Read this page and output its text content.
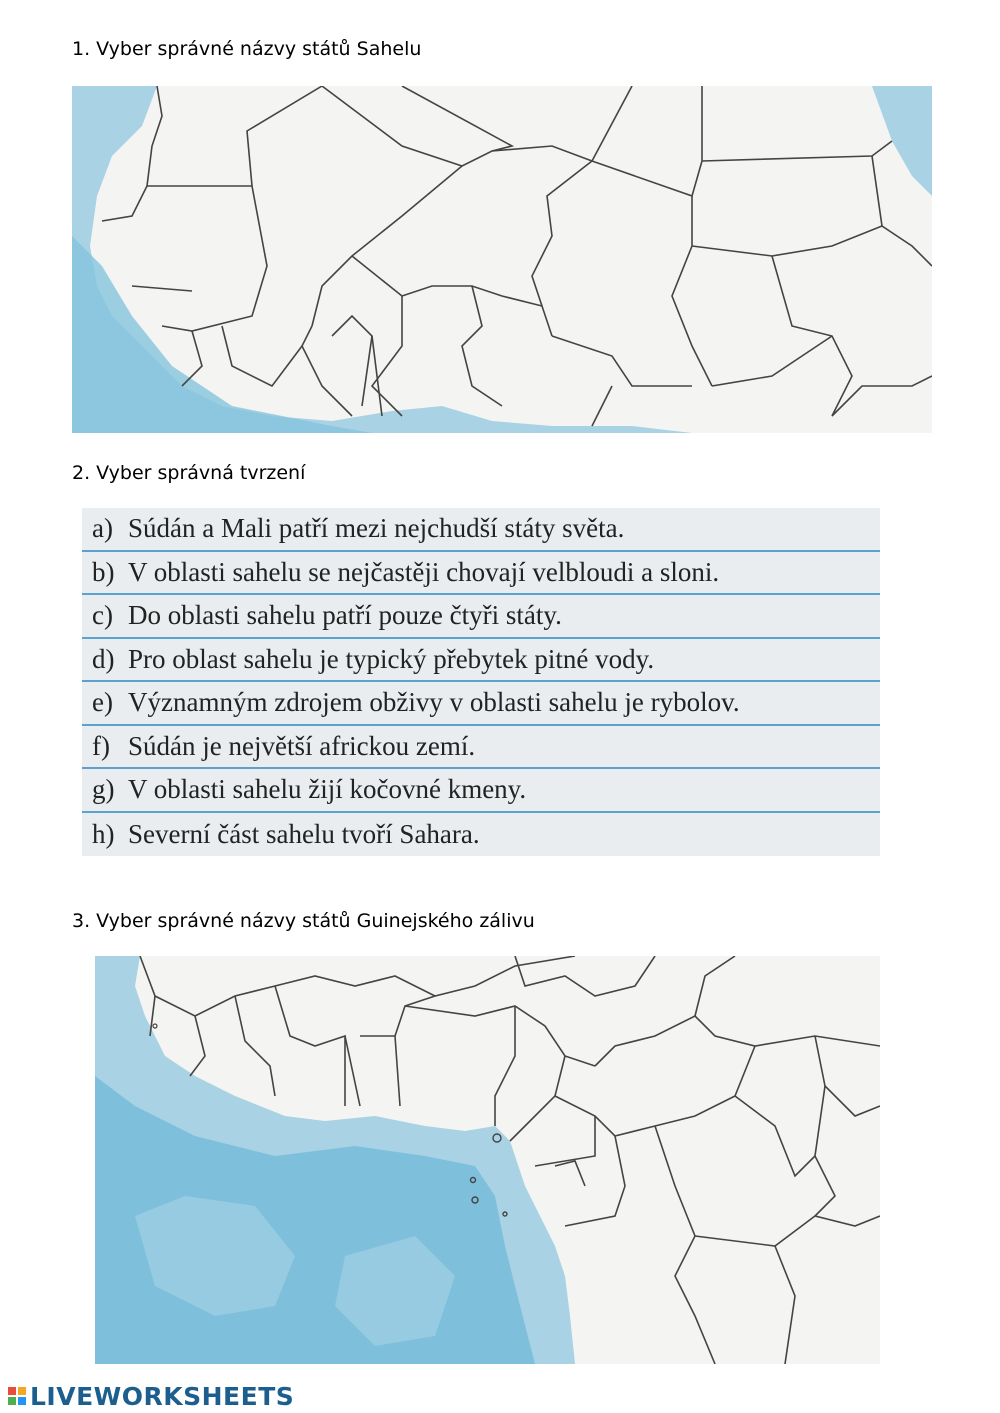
1. Vyber správné názvy států Sahelu
2. Vyber správná tvrzení
a) Súdán a Mali patří mezi nejchudší státy světa.
b) V oblasti sahelu se nejčastěji chovají velbloudi a sloni.
c) Do oblasti sahelu patří pouze čtyři státy.
d) Pro oblast sahelu je typický přebytek pitné vody.
e) Významným zdrojem obživy v oblasti sahelu je rybolov.
f) Súdán je největší africkou zemí.
g) V oblasti sahelu žijí kočovné kmeny.
h) Severní část sahelu tvoří Sahara.
3. Vyber správné názvy států Guinejského zálivu
LIVEWORKSHEETS
